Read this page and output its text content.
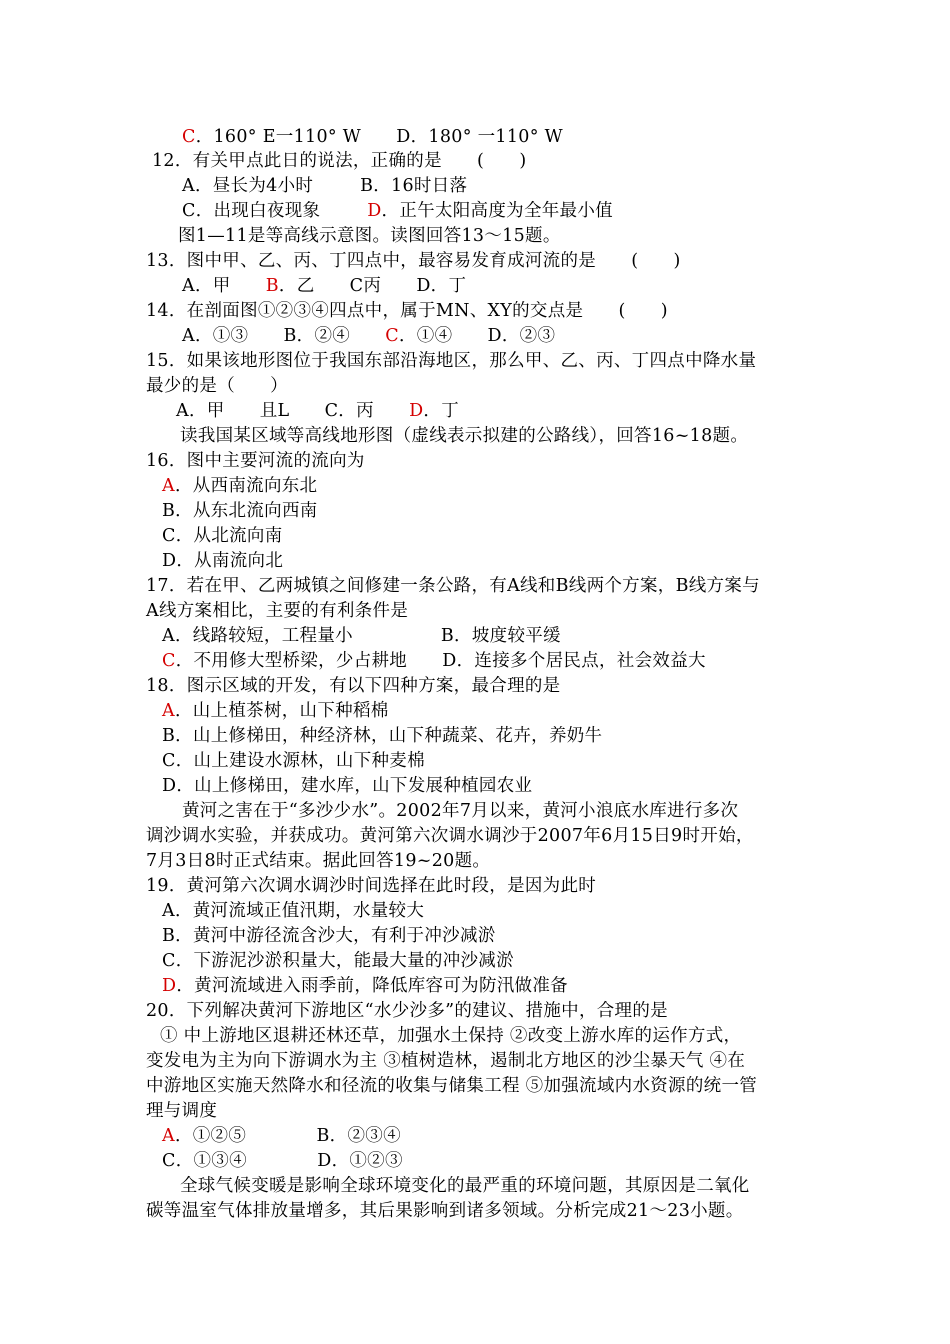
C．160° E一110° W      D．180° 一110° W
12．有关甲点此日的说法，正确的是      (      )
A．昼长为4小时        B．16时日落
C．出现白夜现象        D．正午太阳高度为全年最小值
图1—11是等高线示意图。读图回答13～15题。
13．图中甲、乙、丙、丁四点中，最容易发育成河流的是      (      )
A．甲      B．乙      C丙      D．丁
14．在剖面图①②③④四点中，属于MN、XY的交点是      (      )
A．①③      B．②④      C．①④      D．②③
15．如果该地形图位于我国东部沿海地区，那么甲、乙、丙、丁四点中降水量
最少的是（      ）
A．甲      且L      C．丙      D．丁
读我国某区域等高线地形图（虚线表示拟建的公路线），回答16~18题。
16．图中主要河流的流向为
A．从西南流向东北
B．从东北流向西南
C．从北流向南
D．从南流向北
17．若在甲、乙两城镇之间修建一条公路，有A线和B线两个方案，B线方案与
A线方案相比，主要的有利条件是
A．线路较短，工程量小               B．坡度较平缓
C．不用修大型桥梁，少占耕地      D．连接多个居民点，社会效益大
18．图示区域的开发，有以下四种方案，最合理的是
A．山上植茶树，山下种稻棉
B．山上修梯田，种经济林，山下种蔬菜、花卉，养奶牛
C．山上建设水源林，山下种麦棉
D．山上修梯田，建水库，山下发展种植园农业
黄河之害在于“多沙少水”。2002年7月以来，黄河小浪底水库进行多次
调沙调水实验，并获成功。黄河第六次调水调沙于2007年6月15日9时开始，
7月3日8时正式结束。据此回答19~20题。
19．黄河第六次调水调沙时间选择在此时段，是因为此时
A．黄河流域正值汛期，水量较大
B．黄河中游径流含沙大，有利于冲沙减淤
C．下游泥沙淤积量大，能最大量的冲沙减淤
D．黄河流域进入雨季前，降低库容可为防汛做准备
20．下列解决黄河下游地区“水少沙多”的建议、措施中，合理的是
① 中上游地区退耕还林还草，加强水土保持 ②改变上游水库的运作方式，
变发电为主为向下游调水为主 ③植树造林，遏制北方地区的沙尘暴天气 ④在
中游地区实施天然降水和径流的收集与储集工程 ⑤加强流域内水资源的统一管
理与调度
A．①②⑤            B．②③④
C．①③④            D．①②③
全球气候变暖是影响全球环境变化的最严重的环境问题，其原因是二氧化
碳等温室气体排放量增多，其后果影响到诸多领域。分析完成21～23小题。
